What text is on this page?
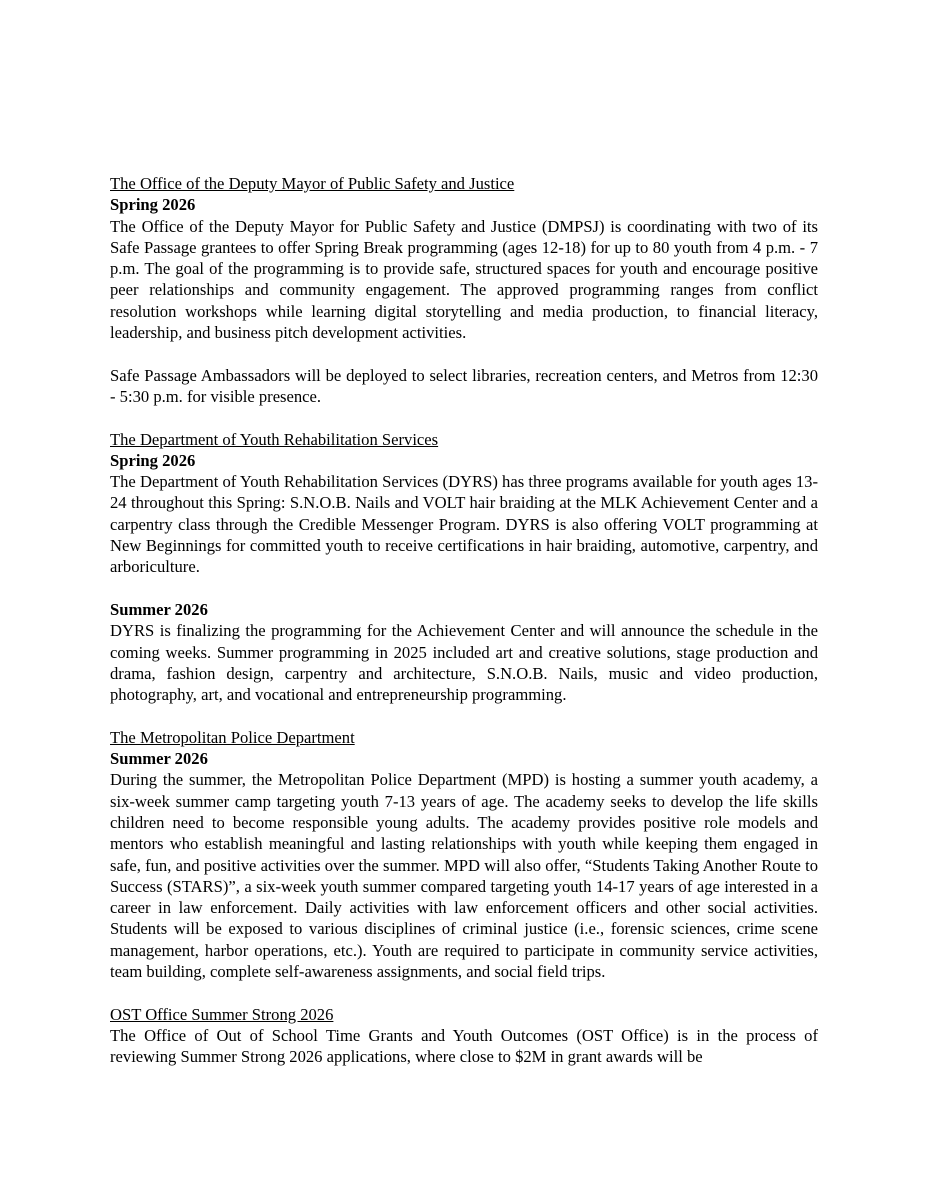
The Office of the Deputy Mayor of Public Safety and Justice

Spring 2026

The Office of the Deputy Mayor for Public Safety and Justice (DMPSJ) is coordinating with two of its Safe Passage grantees to offer Spring Break programming (ages 12-18) for up to 80 youth from 4 p.m. - 7 p.m. The goal of the programming is to provide safe, structured spaces for youth and encourage positive peer relationships and community engagement. The approved programming ranges from conflict resolution workshops while learning digital storytelling and media production, to financial literacy, leadership, and business pitch development activities.

Safe Passage Ambassadors will be deployed to select libraries, recreation centers, and Metros from 12:30 - 5:30 p.m. for visible presence.

The Department of Youth Rehabilitation Services

Spring 2026

The Department of Youth Rehabilitation Services (DYRS) has three programs available for youth ages 13-24 throughout this Spring: S.N.O.B. Nails and VOLT hair braiding at the MLK Achievement Center and a carpentry class through the Credible Messenger Program. DYRS is also offering VOLT programming at New Beginnings for committed youth to receive certifications in hair braiding, automotive, carpentry, and arboriculture.

Summer 2026

DYRS is finalizing the programming for the Achievement Center and will announce the schedule in the coming weeks. Summer programming in 2025 included art and creative solutions, stage production and drama, fashion design, carpentry and architecture, S.N.O.B. Nails, music and video production, photography, art, and vocational and entrepreneurship programming.

The Metropolitan Police Department

Summer 2026

During the summer, the Metropolitan Police Department (MPD) is hosting a summer youth academy, a six-week summer camp targeting youth 7-13 years of age. The academy seeks to develop the life skills children need to become responsible young adults. The academy provides positive role models and mentors who establish meaningful and lasting relationships with youth while keeping them engaged in safe, fun, and positive activities over the summer. MPD will also offer, “Students Taking Another Route to Success (STARS)”, a six-week youth summer compared targeting youth 14-17 years of age interested in a career in law enforcement. Daily activities with law enforcement officers and other social activities. Students will be exposed to various disciplines of criminal justice (i.e., forensic sciences, crime scene management, harbor operations, etc.). Youth are required to participate in community service activities, team building, complete self-awareness assignments, and social field trips.

OST Office Summer Strong 2026

The Office of Out of School Time Grants and Youth Outcomes (OST Office) is in the process of reviewing Summer Strong 2026 applications, where close to $2M in grant awards will be
